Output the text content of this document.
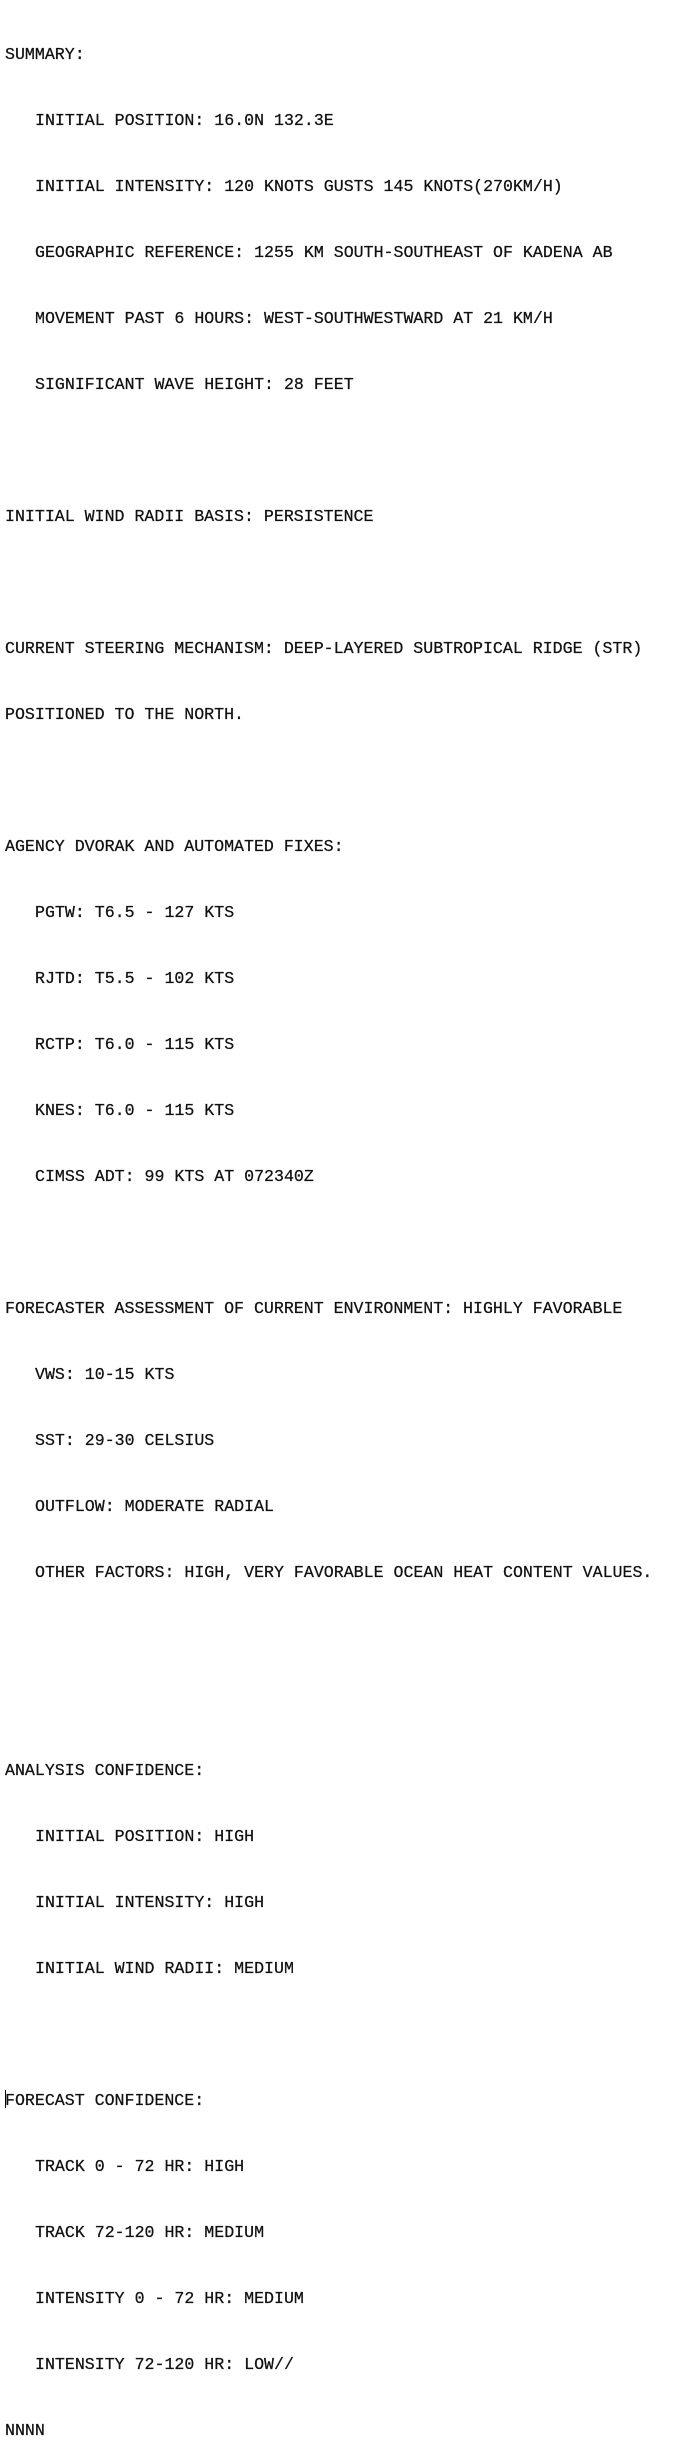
SUMMARY:

INITIAL POSITION: 16.0N 132.3E

INITIAL INTENSITY: 120 KNOTS GUSTS 145 KNOTS(270KM/H)

GEOGRAPHIC REFERENCE: 1255 KM SOUTH-SOUTHEAST OF KADENA AB

MOVEMENT PAST 6 HOURS: WEST-SOUTHWESTWARD AT 21 KM/H

SIGNIFICANT WAVE HEIGHT: 28 FEET

INITIAL WIND RADII BASIS: PERSISTENCE

CURRENT STEERING MECHANISM: DEEP-LAYERED SUBTROPICAL RIDGE (STR)

POSITIONED TO THE NORTH.

AGENCY DVORAK AND AUTOMATED FIXES:

PGTW: T6.5 - 127 KTS

RJTD: T5.5 - 102 KTS

RCTP: T6.0 - 115 KTS

KNES: T6.0 - 115 KTS

CIMSS ADT: 99 KTS AT 072340Z

FORECASTER ASSESSMENT OF CURRENT ENVIRONMENT: HIGHLY FAVORABLE

VWS: 10-15 KTS

SST: 29-30 CELSIUS

OUTFLOW: MODERATE RADIAL

OTHER FACTORS: HIGH, VERY FAVORABLE OCEAN HEAT CONTENT VALUES.

ANALYSIS CONFIDENCE:

INITIAL POSITION: HIGH

INITIAL INTENSITY: HIGH

INITIAL WIND RADII: MEDIUM

FORECAST CONFIDENCE:

TRACK 0 - 72 HR: HIGH

TRACK 72-120 HR: MEDIUM

INTENSITY 0 - 72 HR: MEDIUM

INTENSITY 72-120 HR: LOW//

NNNN
